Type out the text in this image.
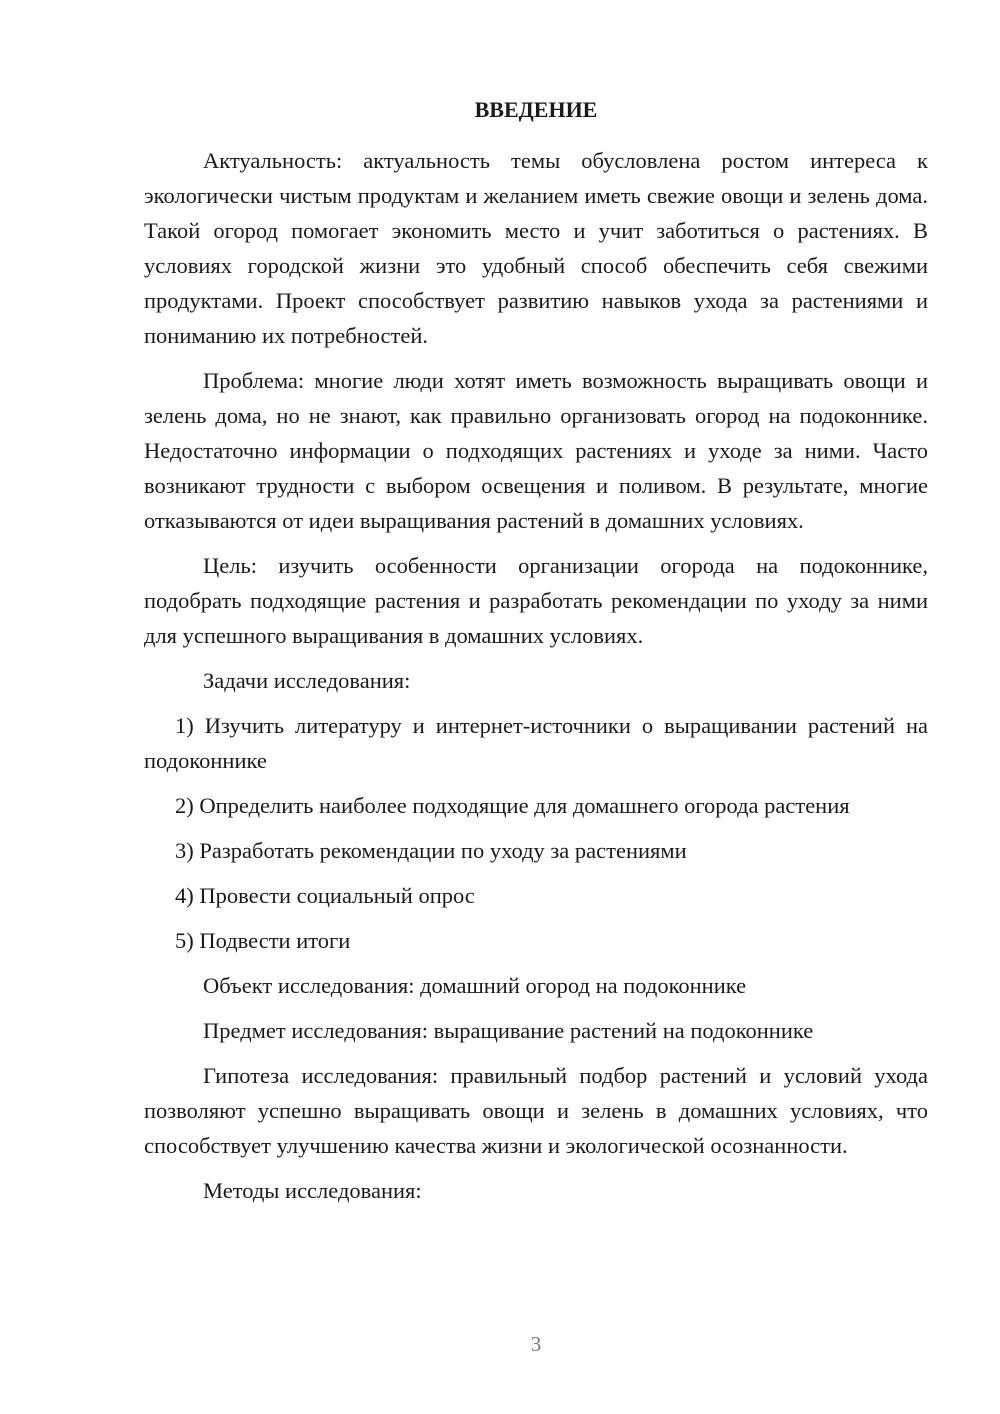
ВВЕДЕНИЕ

Актуальность: актуальность темы обусловлена ростом интереса к экологически чистым продуктам и желанием иметь свежие овощи и зелень дома. Такой огород помогает экономить место и учит заботиться о растениях. В условиях городской жизни это удобный способ обеспечить себя свежими продуктами. Проект способствует развитию навыков ухода за растениями и пониманию их потребностей.

Проблема: многие люди хотят иметь возможность выращивать овощи и зелень дома, но не знают, как правильно организовать огород на подоконнике. Недостаточно информации о подходящих растениях и уходе за ними. Часто возникают трудности с выбором освещения и поливом. В результате, многие отказываются от идеи выращивания растений в домашних условиях.

Цель: изучить особенности организации огорода на подоконнике, подобрать подходящие растения и разработать рекомендации по уходу за ними для успешного выращивания в домашних условиях.

Задачи исследования:

1) Изучить литературу и интернет-источники о выращивании растений на подоконнике

2) Определить наиболее подходящие для домашнего огорода растения

3) Разработать рекомендации по уходу за растениями

4) Провести социальный опрос

5) Подвести итоги

Объект исследования: домашний огород на подоконнике

Предмет исследования: выращивание растений на подоконнике

Гипотеза исследования: правильный подбор растений и условий ухода позволяют успешно выращивать овощи и зелень в домашних условиях, что способствует улучшению качества жизни и экологической осознанности.

Методы исследования:

3
